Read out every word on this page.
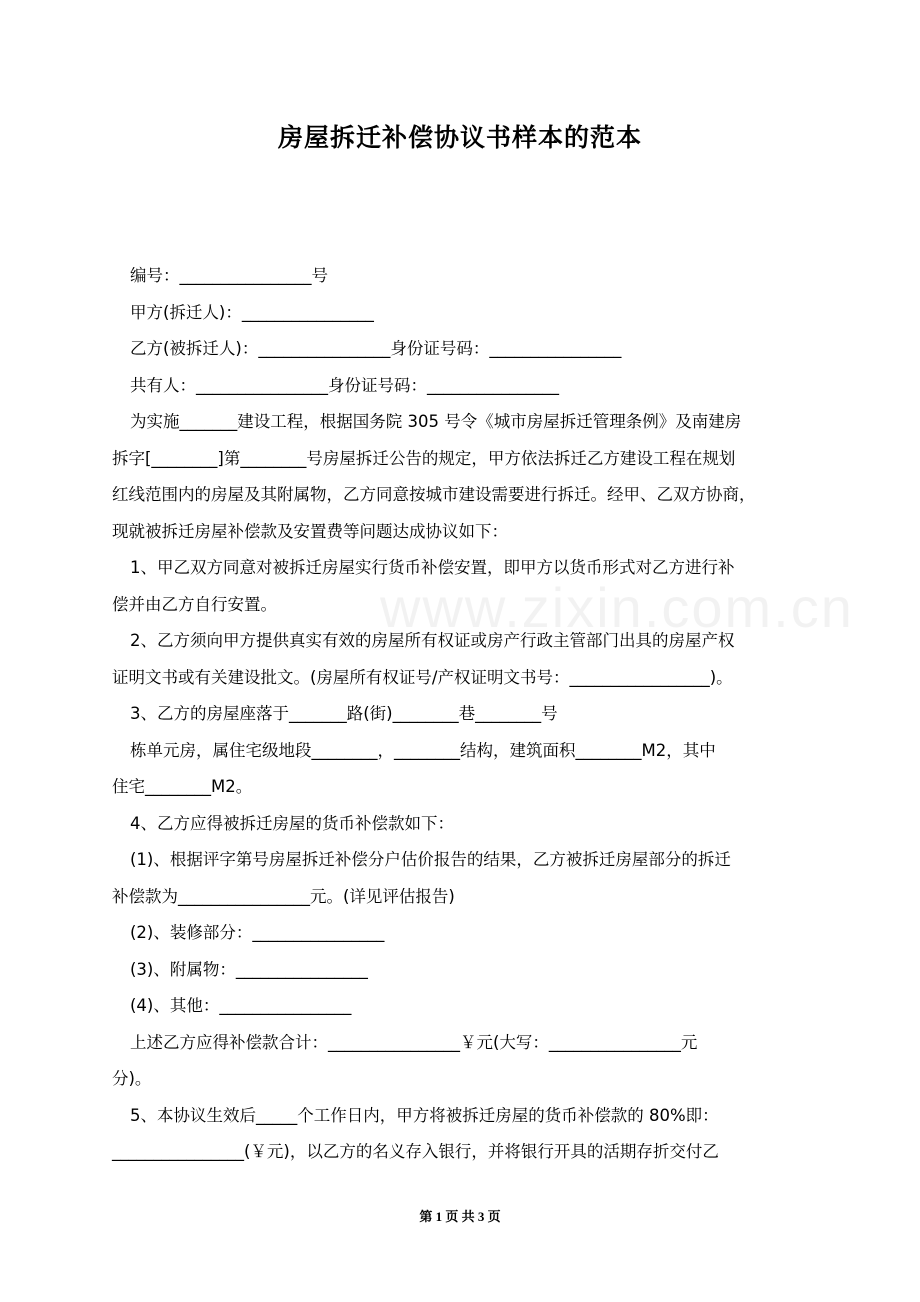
房屋拆迁补偿协议书样本的范本
www.zixin.com.cn
编号：________________号
甲方(拆迁人)：________________
乙方(被拆迁人)：________________身份证号码：________________
共有人：________________身份证号码：________________
为实施_______建设工程，根据国务院 305 号令《城市房屋拆迁管理条例》及南建房
拆字[________]第________号房屋拆迁公告的规定，甲方依法拆迁乙方建设工程在规划
红线范围内的房屋及其附属物，乙方同意按城市建设需要进行拆迁。经甲、乙双方协商，
现就被拆迁房屋补偿款及安置费等问题达成协议如下：
1、甲乙双方同意对被拆迁房屋实行货币补偿安置，即甲方以货币形式对乙方进行补
偿并由乙方自行安置。
2、乙方须向甲方提供真实有效的房屋所有权证或房产行政主管部门出具的房屋产权
证明文书或有关建设批文。(房屋所有权证号/产权证明文书号：_________________)。
3、乙方的房屋座落于_______路(街)________巷________号
栋单元房，属住宅级地段________，________结构，建筑面积________M2，其中
住宅________M2。
4、乙方应得被拆迁房屋的货币补偿款如下：
(1)、根据评字第号房屋拆迁补偿分户估价报告的结果，乙方被拆迁房屋部分的拆迁
补偿款为________________元。(详见评估报告)
(2)、装修部分：________________
(3)、附属物：________________
(4)、其他：________________
上述乙方应得补偿款合计：________________￥元(大写：________________元
分)。
5、本协议生效后_____个工作日内，甲方将被拆迁房屋的货币补偿款的 80%即：
________________(￥元)，以乙方的名义存入银行，并将银行开具的活期存折交付乙
第 1 页 共 3 页
